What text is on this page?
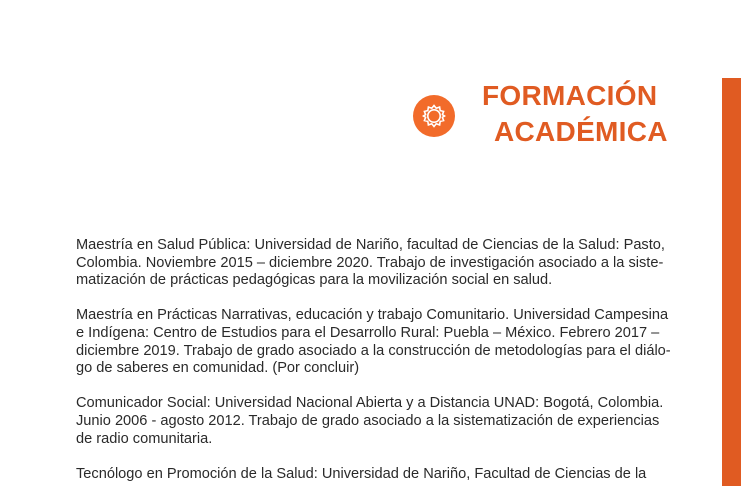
FORMACIÓN
ACADÉMICA

Maestría en Salud Pública: Universidad de Nariño, facultad de Ciencias de la Salud: Pasto,

Colombia. Noviembre 2015 – diciembre 2020. Trabajo de investigación asociado a la siste-

matización de prácticas pedagógicas para la movilización social en salud.

Maestría en Prácticas Narrativas, educación y trabajo Comunitario. Universidad Campesina

e Indígena: Centro de Estudios para el Desarrollo Rural: Puebla – México. Febrero 2017 –

diciembre 2019. Trabajo de grado asociado a la construcción de metodologías para el diálo-

go de saberes en comunidad. (Por concluir)

Comunicador Social: Universidad Nacional Abierta y a Distancia UNAD: Bogotá, Colombia.

Junio 2006 - agosto 2012. Trabajo de grado asociado a la sistematización de experiencias

de radio comunitaria.

Tecnólogo en Promoción de la Salud: Universidad de Nariño, Facultad de Ciencias de la
